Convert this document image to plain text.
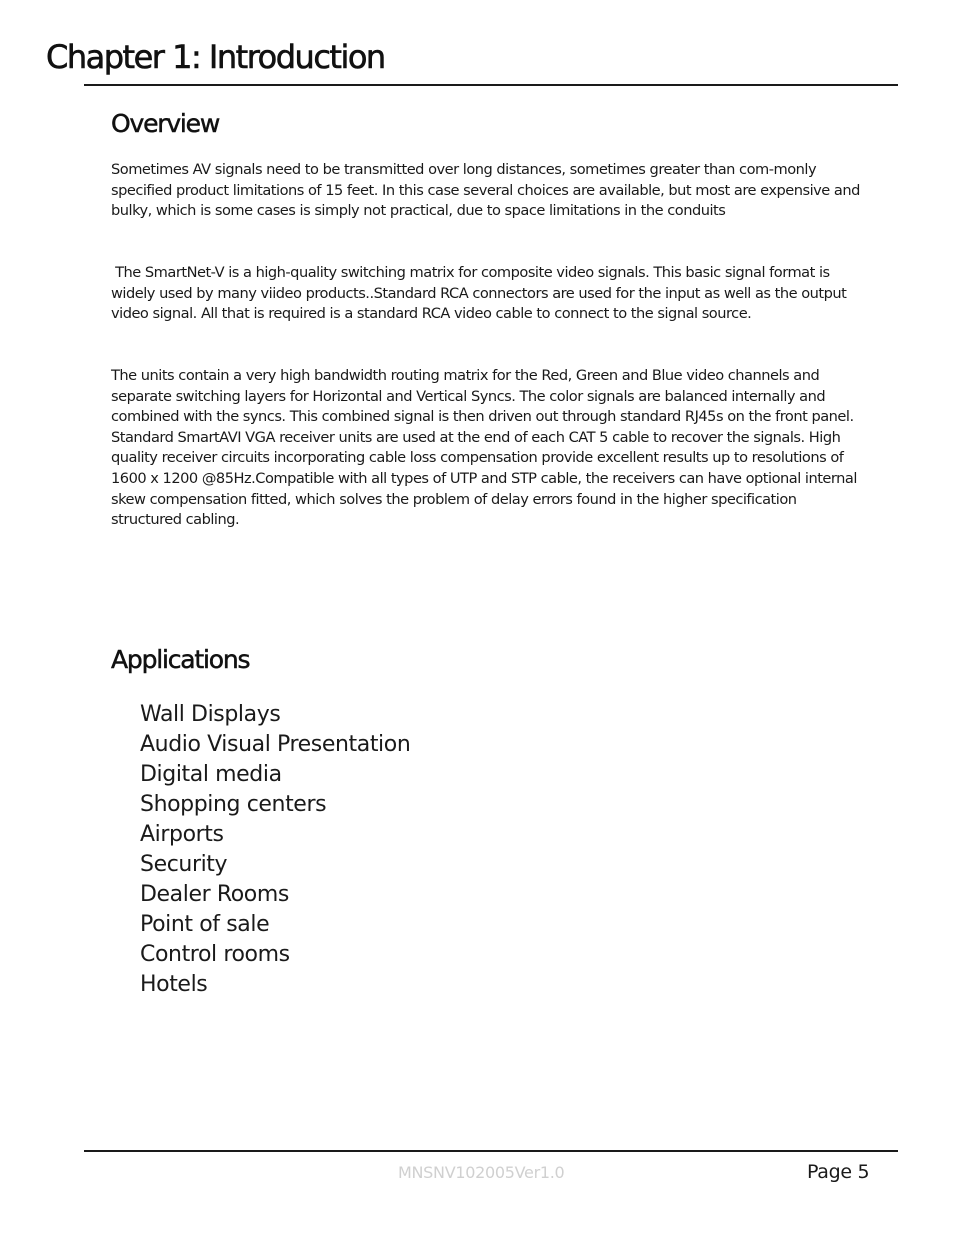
Chapter 1: Introduction
Overview

Sometimes AV signals need to be transmitted over long distances, sometimes greater than com-monly specified product limitations of 15 feet. In this case several choices are available, but most are expensive and bulky, which is some cases is simply not practical, due to space limitations in the conduits

The SmartNet-V is a high-quality switching matrix for composite video signals. This basic signal format is widely used by many viideo products..Standard RCA connectors are used for the input as well as the output video signal. All that is required is a standard RCA video cable to connect to the signal source.

The units contain a very high bandwidth routing matrix for the Red, Green and Blue video channels and separate switching layers for Horizontal and Vertical Syncs. The color signals are balanced internally and combined with the syncs. This combined signal is then driven out through standard RJ45s on the front panel. Standard SmartAVI VGA receiver units are used at the end of each CAT 5 cable to recover the signals. High quality receiver circuits incorporating cable loss compensation provide excellent results up to resolutions of 1600 x 1200 @85Hz.Compatible with all types of UTP and STP cable, the receivers can have optional internal skew compensation fitted, which solves the problem of delay errors found in the higher specification structured cabling.

Applications
Wall Displays
Audio Visual Presentation
Digital media
Shopping centers
Airports
Security
Dealer Rooms
Point of sale
Control rooms
Hotels
MNSNV102005Ver1.0	Page 5
